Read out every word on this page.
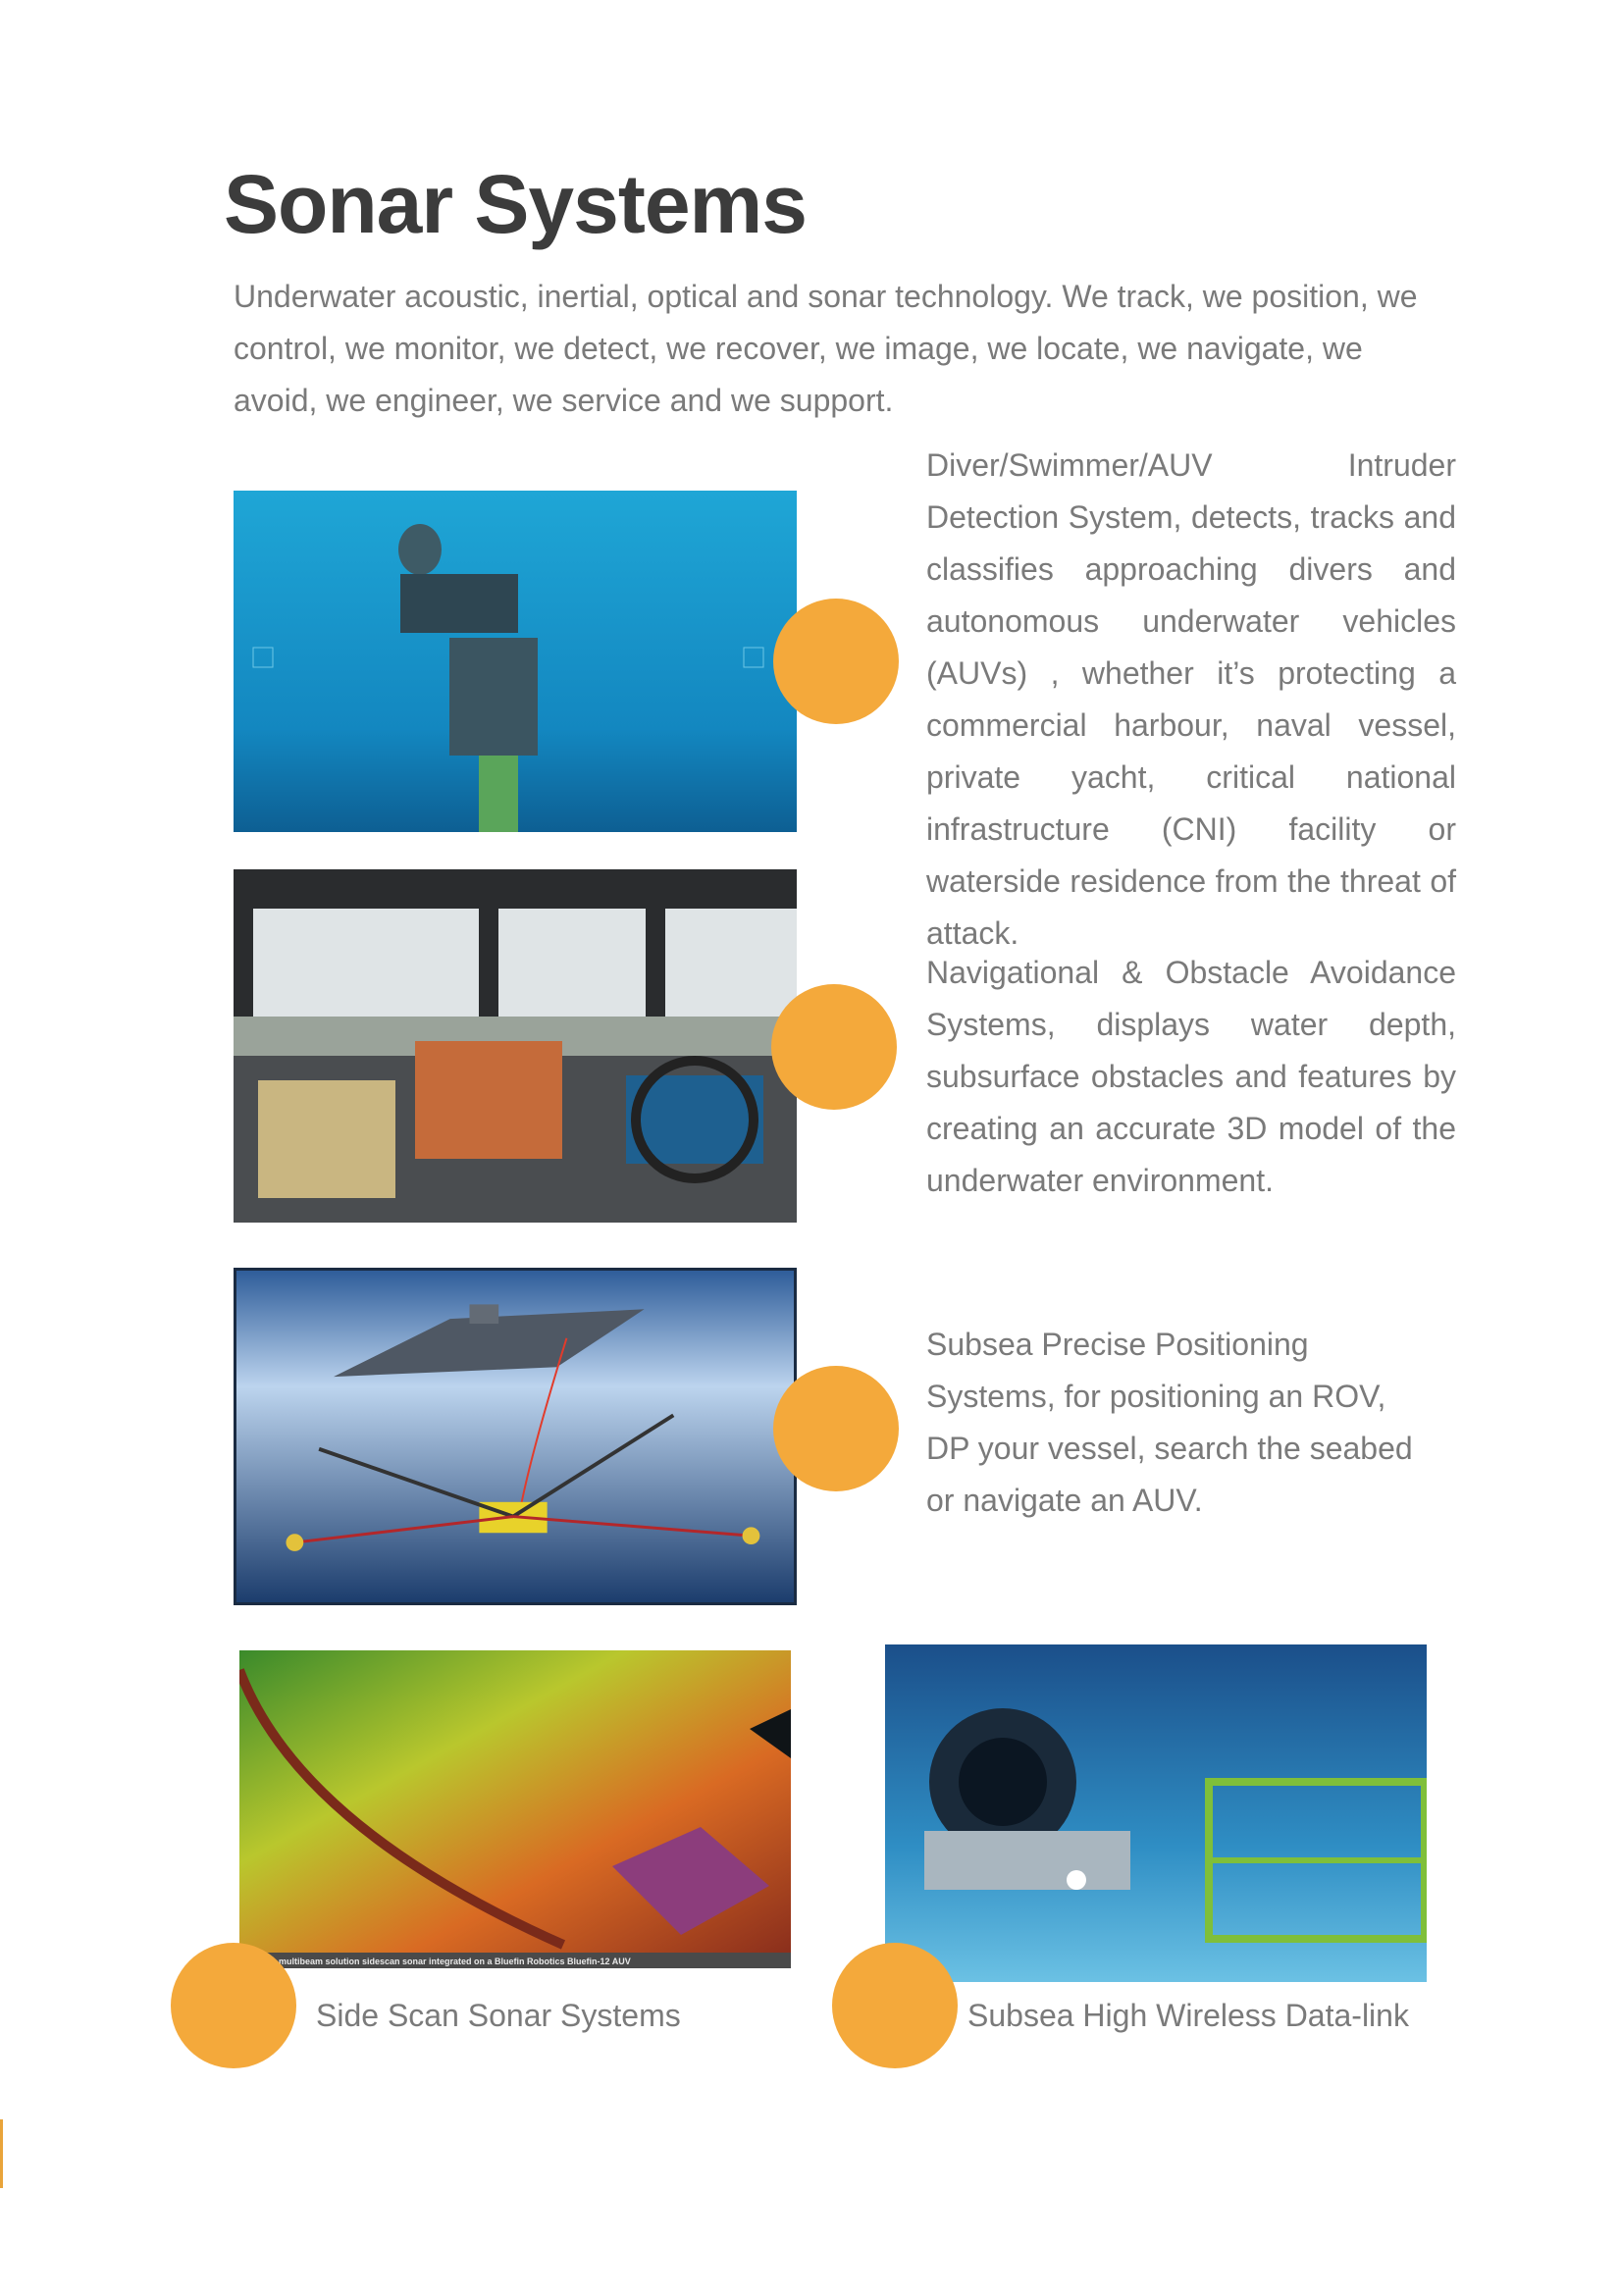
Sonar Systems

Underwater acoustic, inertial, optical and sonar technology. We track, we position, we control, we monitor, we detect, we recover, we image, we locate, we navigate, we avoid, we engineer, we service and we support.

Diver/Swimmer/AUV Intruder Detection System, detects, tracks and classifies approaching divers and autonomous underwater vehicles (AUVs) , whether it’s protecting a commercial harbour, naval vessel, private yacht, critical national infrastructure (CNI) facility or waterside residence from the threat of attack.

Navigational & Obstacle Avoidance Systems, displays water depth, subsurface obstacles and features by creating an accurate 3D model of the underwater environment.

Subsea Precise Positioning Systems, for positioning an ROV, DP your vessel, search the seabed or navigate an AUV.

multibeam solution sidescan sonar integrated on a Bluefin Robotics Bluefin-12 AUV
Side Scan Sonar Systems	Subsea High Wireless Data-link
